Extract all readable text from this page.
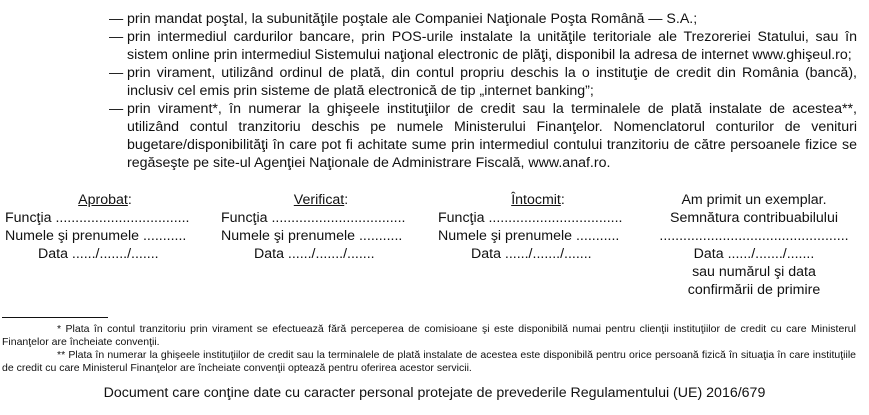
— prin mandat poştal, la subunităţile poştale ale Companiei Naţionale Poşta Română — S.A.;
— prin intermediul cardurilor bancare, prin POS-urile instalate la unităţile teritoriale ale Trezoreriei Statului, sau în sistem online prin intermediul Sistemului naţional electronic de plăţi, disponibil la adresa de internet www.ghişeul.ro;
— prin virament, utilizând ordinul de plată, din contul propriu deschis la o instituţie de credit din România (bancă), inclusiv cel emis prin sisteme de plată electronică de tip „internet banking”;
— prin virament*, în numerar la ghişeele instituţiilor de credit sau la terminalele de plată instalate de acestea**, utilizând contul tranzitoriu deschis pe numele Ministerului Finanţelor. Nomenclatorul conturilor de venituri bugetare/disponibilităţi în care pot fi achitate sume prin intermediul contului tranzitoriu de către persoanele fizice se regăseşte pe site-ul Agenţiei Naţionale de Administrare Fiscală, www.anaf.ro.
Aprobat:
Funcţia ..................................
Numele şi prenumele ...........
Data ....../......./.......
Verificat:
Funcţia ..................................
Numele şi prenumele ...........
Data ....../......./.......
Întocmit:
Funcţia ..................................
Numele şi prenumele ...........
Data ....../......./.......
Am primit un exemplar.
Semnătura contribuabilului
................................................
Data ....../......./.......
sau numărul şi data
confirmării de primire
* Plata în contul tranzitoriu prin virament se efectuează fără perceperea de comisioane şi este disponibilă numai pentru clienţii instituţiilor de credit cu care Ministerul Finanţelor are încheiate convenţii.
** Plata în numerar la ghişeele instituţiilor de credit sau la terminalele de plată instalate de acestea este disponibilă pentru orice persoană fizică în situaţia în care instituţiile de credit cu care Ministerul Finanţelor are încheiate convenţii optează pentru oferirea acestor servicii.
Document care conţine date cu caracter personal protejate de prevederile Regulamentului (UE) 2016/679
